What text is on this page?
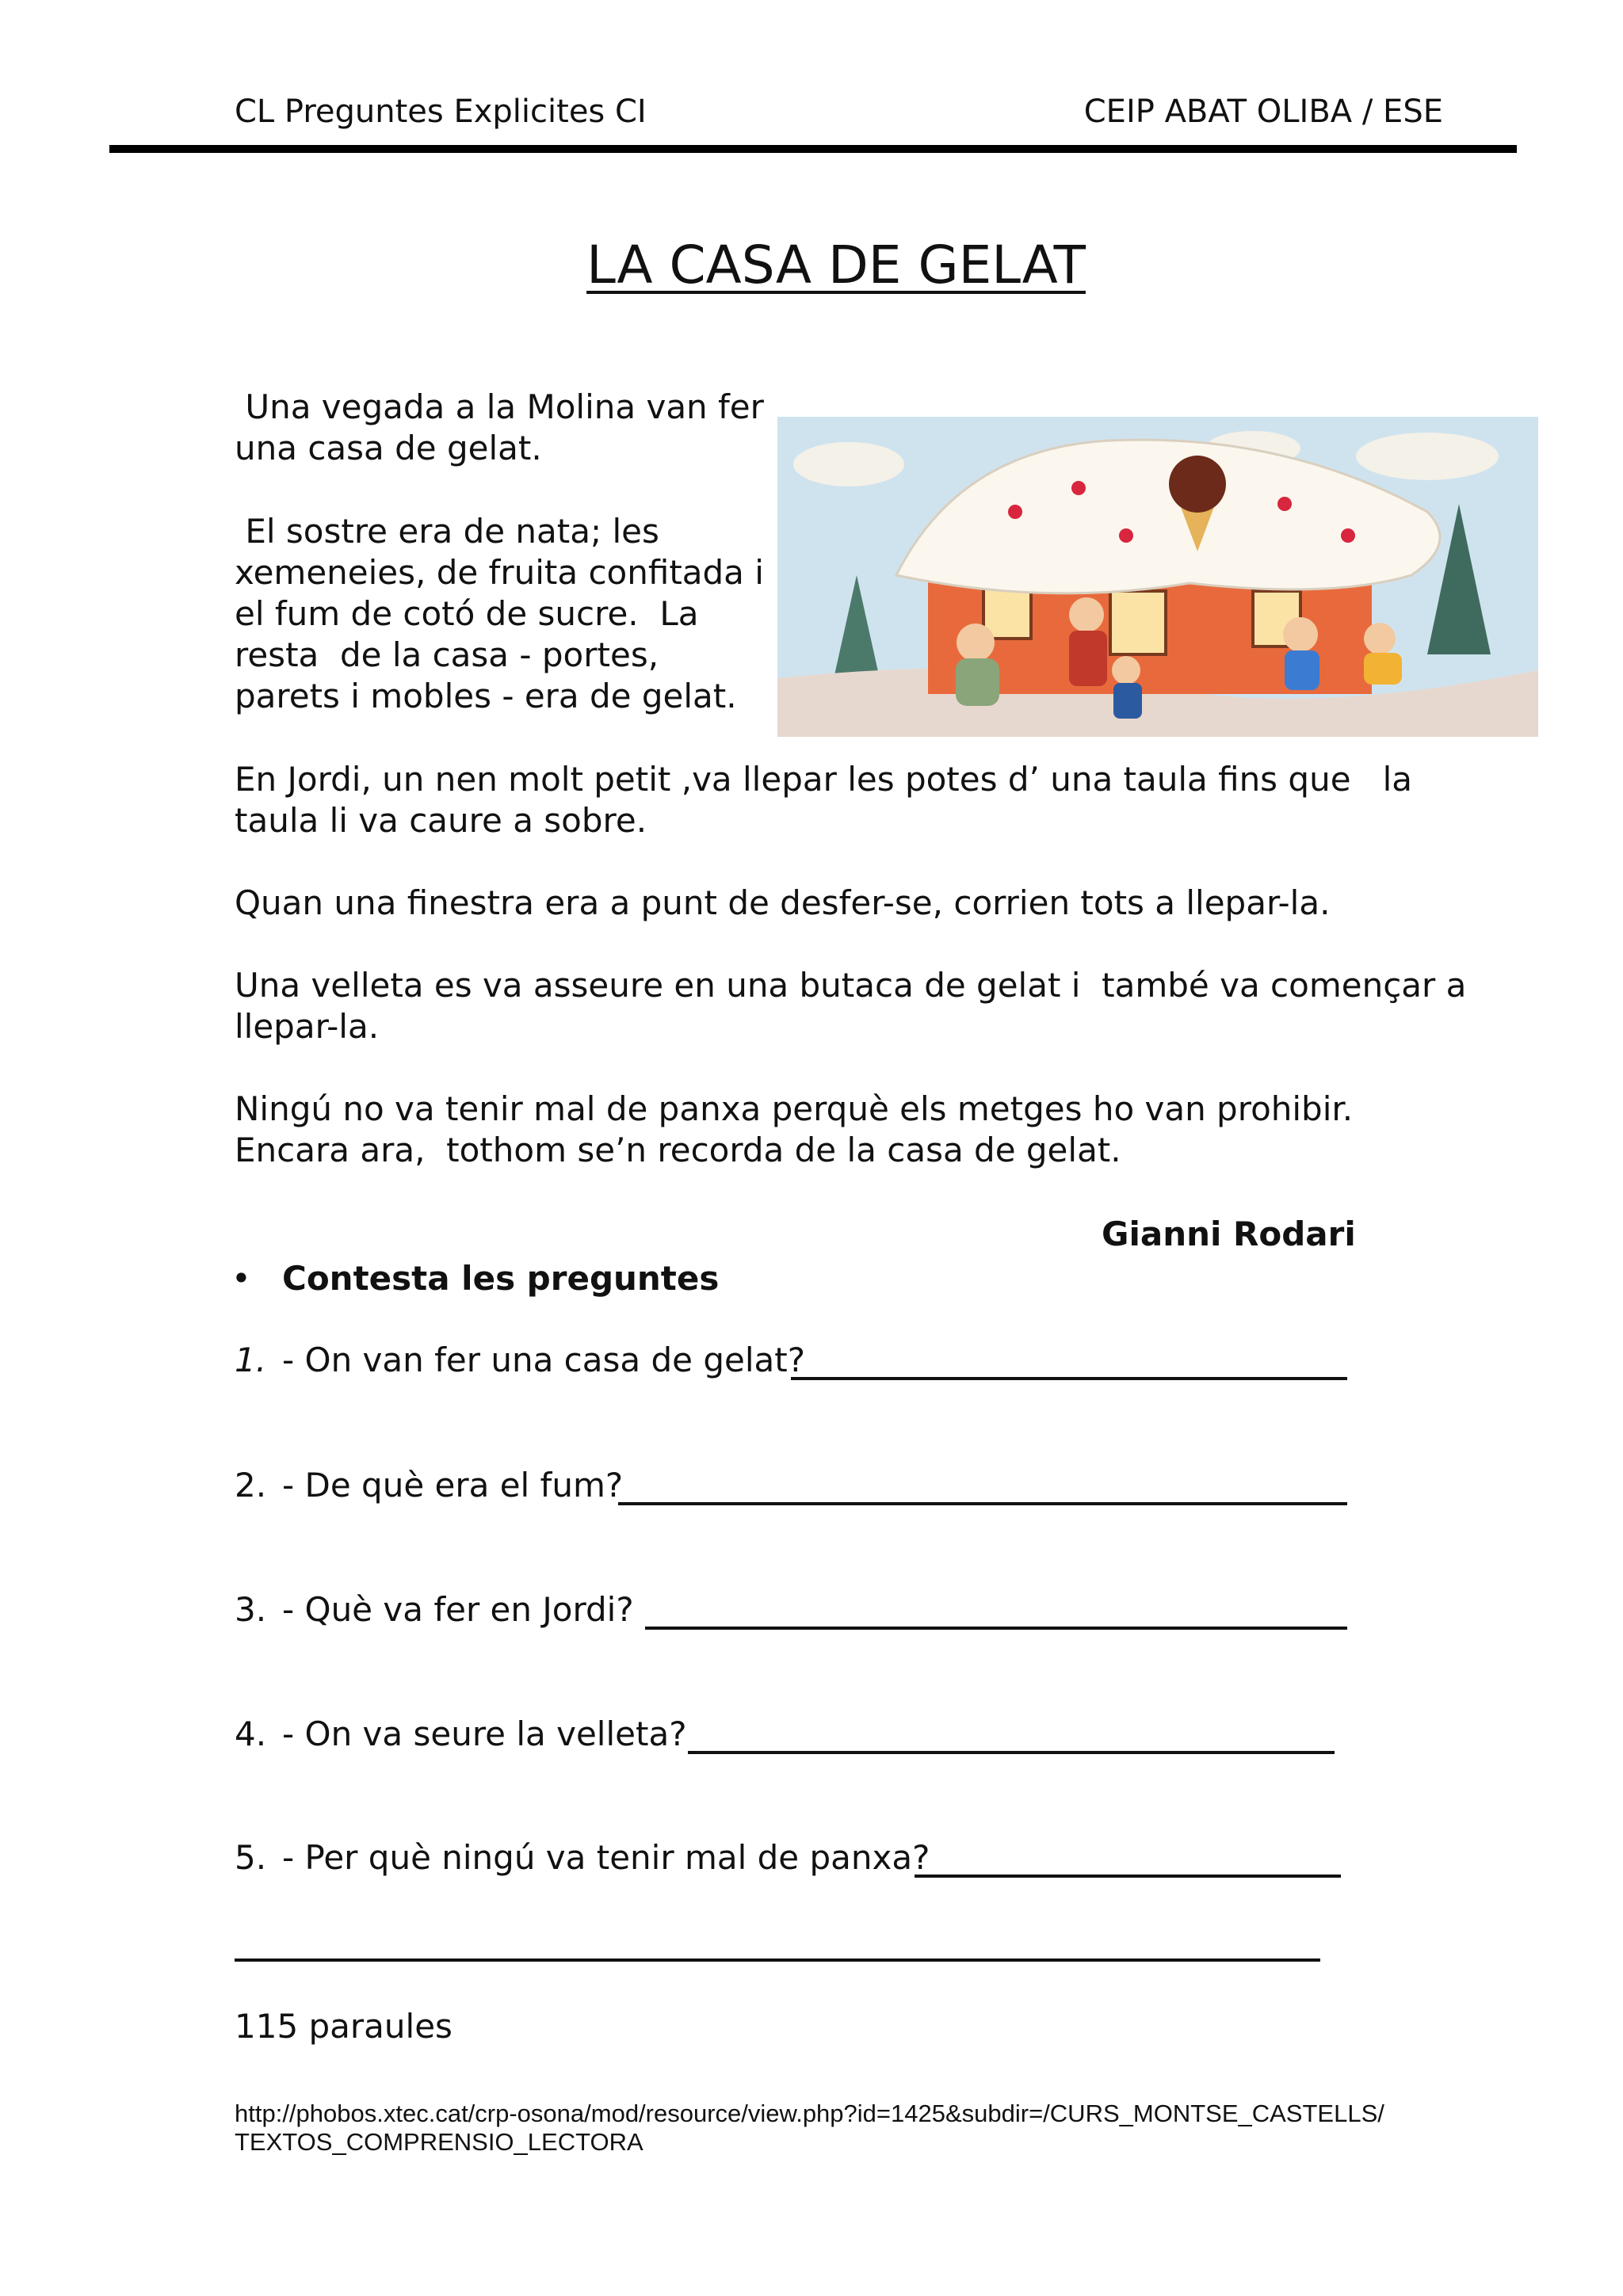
CL Preguntes Explicites CI	CEIP ABAT OLIBA / ESE
LA CASA DE GELAT
Una vegada a la Molina van fer
una casa de gelat.
El sostre era de nata; les
xemeneies, de fruita confitada i
el fum de cotó de sucre.  La
resta  de la casa - portes,
parets i mobles - era de gelat.
En Jordi, un nen molt petit ,va llepar les potes d’ una taula fins que   la
taula li va caure a sobre.
Quan una finestra era a punt de desfer-se, corrien tots a llepar-la.
Una velleta es va asseure en una butaca de gelat i  també va començar a
llepar-la.
Ningú no va tenir mal de panxa perquè els metges ho van prohibir.
Encara ara,  tothom se’n recorda de la casa de gelat.
Gianni Rodari
• Contesta les preguntes
1. - On van fer una casa de gelat?
2. - De què era el fum?
3. - Què va fer en Jordi?
4. - On va seure la velleta?
5. - Per què ningú va tenir mal de panxa?
115 paraules
http://phobos.xtec.cat/crp-osona/mod/resource/view.php?id=1425&subdir=/CURS_MONTSE_CASTELLS/
TEXTOS_COMPRENSIO_LECTORA
